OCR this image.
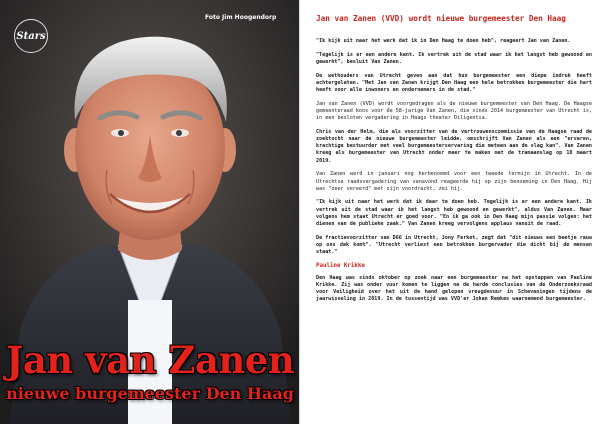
Stars
Foto Jim Hoogendorp
Jan van Zanen
nieuwe burgemeester Den Haag
Jan van Zanen (VVD) wordt nieuwe burgemeester Den Haag

"Ik kijk uit naar het werk dat ik in Den Haag te doen heb", reageert Jan van Zanen.

"Tegelijk is er een andere kant. Ik vertrek uit de stad waar ik het langst heb gewoond en gewerkt", besluit Van Zanen.

De wethouders van Utrecht geven aan dat hun burgemeester een diepe indruk heeft achtergelaten. "Met Jan van Zanen krijgt Den Haag een hele betrokken burgemeester die hart heeft voor alle inwoners en ondernemers in de stad."

Jan van Zanen (VVD) wordt voorgedragen als de nieuwe burgemeester van Den Haag. De Haagse gemeenteraad koos voor de 58-jarige Van Zanen, die sinds 2014 burgemeester van Utrecht is, in een besloten vergadering in Haags theater Diligentia.

Chris van der Helm, die als voorzitter van de vertrouwenscommissie van de Haagse raad de zoektocht naar de nieuwe burgemeester leidde, omschrijft Van Zanen als een "ervaren, krachtige bestuurder met veel burgemeesterservaring die meteen aan de slag kan". Van Zanen kreeg als burgemeester van Utrecht onder meer te maken met de tramaanslag op 18 maart 2019.

Van Zanen werd in januari nog herbenoemd voor een tweede termijn in Utrecht. In de Utrechtse raadsvergadering van vanavond reageerde hij op zijn benoeming in Den Haag. Hij was "zeer vereerd" met zijn voordracht, zei hij.

"Ik kijk uit naar het werk dat ik daar te doen heb. Tegelijk is er een andere kant. Ik vertrek uit de stad waar ik het langst heb gewoond en gewerkt", aldus Van Zanen. Maar volgens hem staat Utrecht er goed voor. "En ik ga ook in Den Haag mijn passie volgen: het dienen van de publieke zaak." Van Zanen kreeg vervolgens applaus vanuit de raad.

De fractievoorzitter van D66 in Utrecht, Jony Ferket, zegt dat "dit nieuws een beetje rauw op ons dak komt". "Utrecht verliest een betrokken burgervader die dicht bij de mensen staat."

Pauline Krikke

Den Haag was sinds oktober op zoek naar een burgemeester na het opstappen van Pauline Krikke. Zij was onder vuur komen te liggen na de harde conclusies van de Onderzoeksraad voor Veiligheid over het uit de hand gelopen vreugdevuur in Scheveningen tijdens de jaarwisseling in 2019. In de tussentijd was VVD'er Johan Remkes waarnemend burgemeester.
